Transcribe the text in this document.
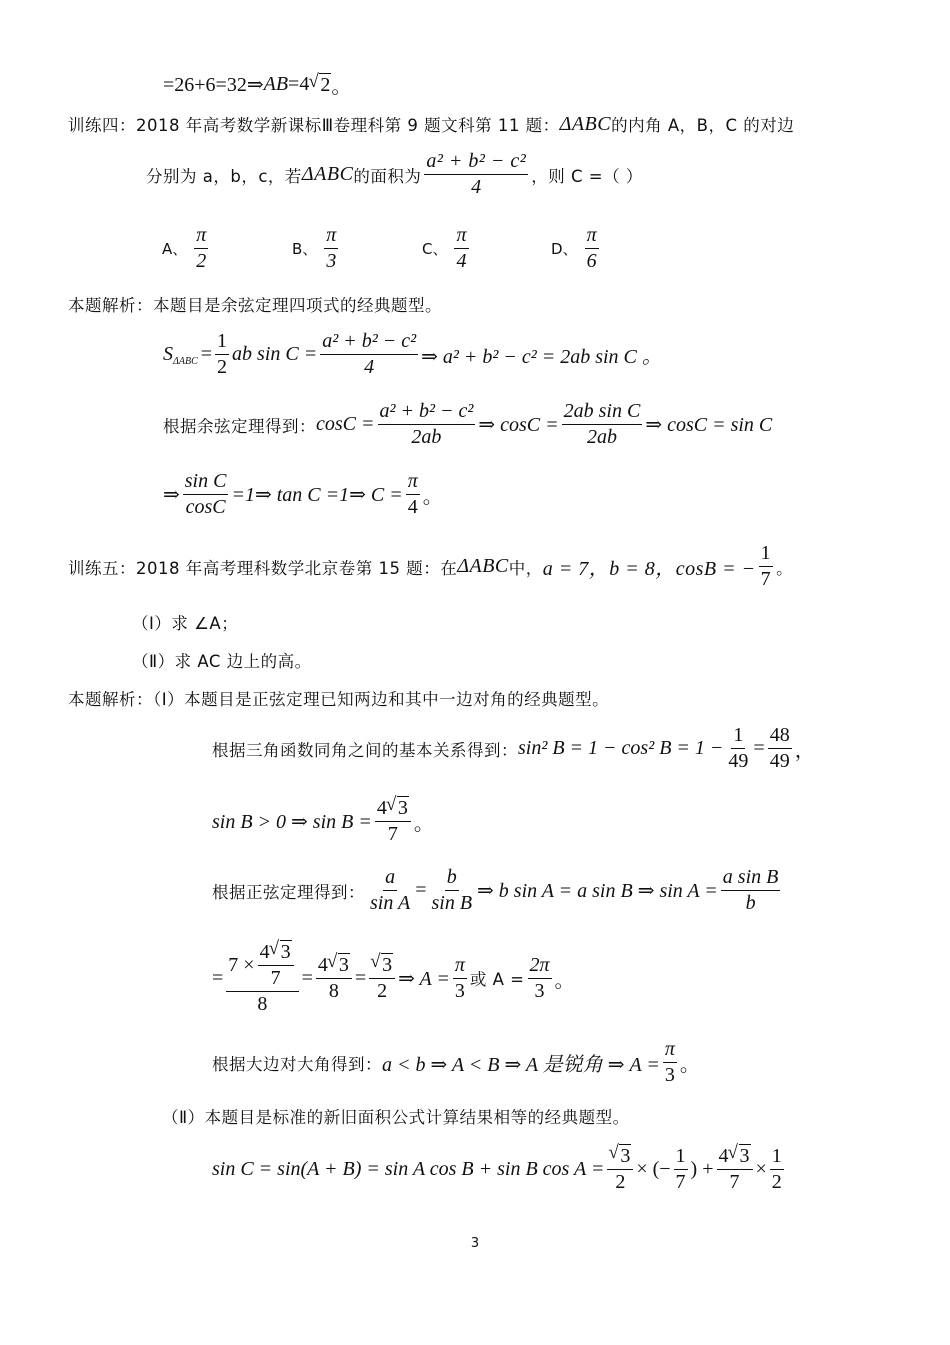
=26+6=32⇒ AB =4 √ 2 。
训练四：2018 年高考数学新课标Ⅲ卷理科第 9 题文科第 11 题： ΔABC 的内角 A，B，C 的对边
分别为 a，b，c，若 ΔABC 的面积为 $\frac{\text{a² + b² − c²}}{4}$ ，则 C =（ ）
A、 $\frac{\pi}{2}$	B、 $\frac{\pi}{3}$	C、 $\frac{\pi}{4}$	D、 $\frac{\pi}{6}$
本题解析：本题目是余弦定理四项式的经典题型。
S $\Delta ABC = \frac{1}{2}$ ab $\sin C = \frac{\text{a² + b² − c²}}{4}$ ⇒ a² + b² − c² = 2ab sin C 。
根据余弦定理得到： $\cos C = \frac{\text{a² + b² − c²}}{2ab}$ ⇒ $\cos C = \frac{\text{2ab sin C}}{2ab}$ ⇒ cosC = sin C
⇒ $\frac{\text{sin C}}{\cos C}$ =1⇒ tan C =1⇒ $C = \frac{\pi}{4}$ 。
训练五：2018 年高考理科数学北京卷第 15 题：在 ΔABC 中， a = 7，b = 8，cosB = − $\frac{1}{7}$ 。
（Ⅰ）求 ∠A；
（Ⅱ）求 AC 边上的高。
本题解析：（Ⅰ）本题目是正弦定理已知两边和其中一边对角的经典题型。
根据三角函数同角之间的基本关系得到： sin² B = 1 − cos² $B = 1 - \frac{1}{49} = \frac{48}{49}$ ，
sin B > 0 ⇒ $\sin B = \frac{4 √ 3}{7}$ 。
根据正弦定理得到： $\frac{a}{\text{sin A}} = \frac{b}{\text{sin B}}$ ⇒ b sin A = a sin B ⇒ $\sin A = \frac{\text{a sin B}}{b}$
= $\frac{7 \times \frac{4 √ 3}{7}}{8} = \frac{4 √ 3}{8}$ = √ $\frac{3}{2}$ ⇒ $A = \frac{\pi}{3}$ 或 $A = \frac{2\pi}{3}$ 。
根据大边对大角得到： a < b ⇒ A < B ⇒ A 是锐角 ⇒ $A = \frac{\pi}{3}$ 。
（Ⅱ）本题目是标准的新旧面积公式计算结果相等的经典题型。
sin C = sin(A + B) = sin A cos B + sin B cos A = √ $\frac{3}{2}$ × (− $\frac{1}{7}$ ) + $\frac{4 √ 3}{7} \times \frac{1}{2}$
3
